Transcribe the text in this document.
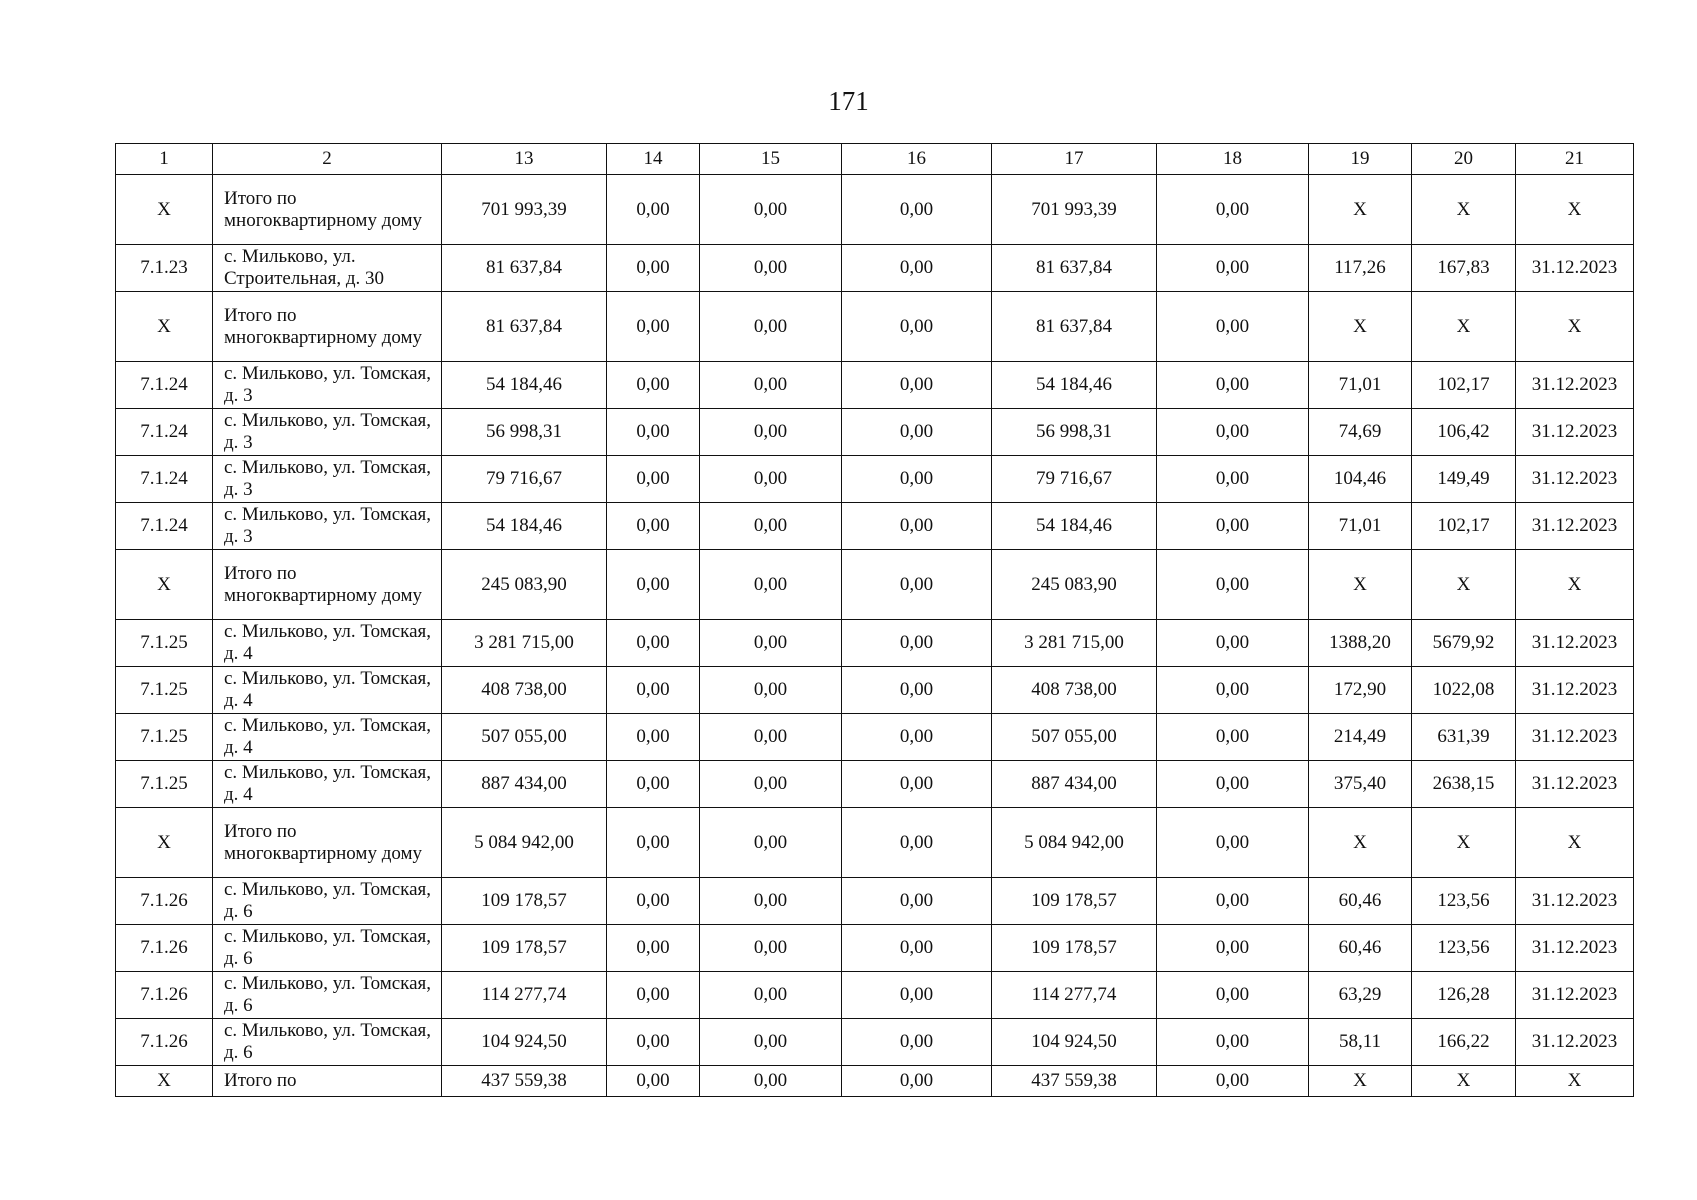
171
1	2	13	14	15	16	17	18	19	20	21
X	Итого по многоквартирному дому	701 993,39	0,00	0,00	0,00	701 993,39	0,00	X	X	X
7.1.23	с. Мильково, ул. Строительная, д. 30	81 637,84	0,00	0,00	0,00	81 637,84	0,00	117,26	167,83	31.12.2023
X	Итого по многоквартирному дому	81 637,84	0,00	0,00	0,00	81 637,84	0,00	X	X	X
7.1.24	с. Мильково, ул. Томская, д. 3	54 184,46	0,00	0,00	0,00	54 184,46	0,00	71,01	102,17	31.12.2023
7.1.24	с. Мильково, ул. Томская, д. 3	56 998,31	0,00	0,00	0,00	56 998,31	0,00	74,69	106,42	31.12.2023
7.1.24	с. Мильково, ул. Томская, д. 3	79 716,67	0,00	0,00	0,00	79 716,67	0,00	104,46	149,49	31.12.2023
7.1.24	с. Мильково, ул. Томская, д. 3	54 184,46	0,00	0,00	0,00	54 184,46	0,00	71,01	102,17	31.12.2023
X	Итого по многоквартирному дому	245 083,90	0,00	0,00	0,00	245 083,90	0,00	X	X	X
7.1.25	с. Мильково, ул. Томская, д. 4	3 281 715,00	0,00	0,00	0,00	3 281 715,00	0,00	1388,20	5679,92	31.12.2023
7.1.25	с. Мильково, ул. Томская, д. 4	408 738,00	0,00	0,00	0,00	408 738,00	0,00	172,90	1022,08	31.12.2023
7.1.25	с. Мильково, ул. Томская, д. 4	507 055,00	0,00	0,00	0,00	507 055,00	0,00	214,49	631,39	31.12.2023
7.1.25	с. Мильково, ул. Томская, д. 4	887 434,00	0,00	0,00	0,00	887 434,00	0,00	375,40	2638,15	31.12.2023
X	Итого по многоквартирному дому	5 084 942,00	0,00	0,00	0,00	5 084 942,00	0,00	X	X	X
7.1.26	с. Мильково, ул. Томская, д. 6	109 178,57	0,00	0,00	0,00	109 178,57	0,00	60,46	123,56	31.12.2023
7.1.26	с. Мильково, ул. Томская, д. 6	109 178,57	0,00	0,00	0,00	109 178,57	0,00	60,46	123,56	31.12.2023
7.1.26	с. Мильково, ул. Томская, д. 6	114 277,74	0,00	0,00	0,00	114 277,74	0,00	63,29	126,28	31.12.2023
7.1.26	с. Мильково, ул. Томская, д. 6	104 924,50	0,00	0,00	0,00	104 924,50	0,00	58,11	166,22	31.12.2023
X	Итого по	437 559,38	0,00	0,00	0,00	437 559,38	0,00	X	X	X
